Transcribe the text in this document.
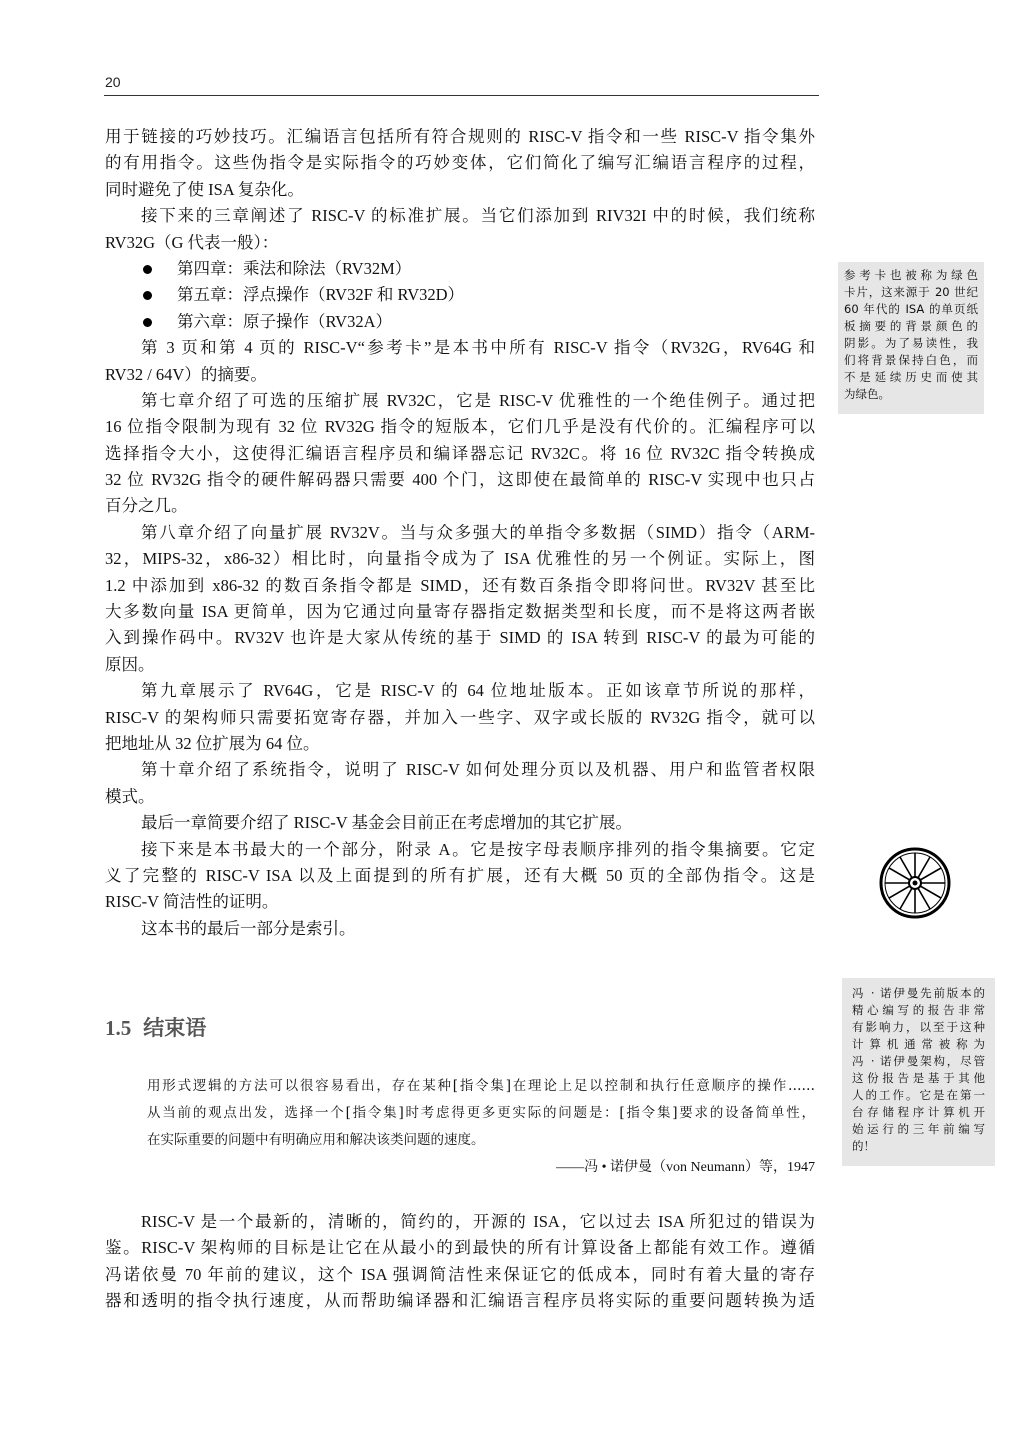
20
用于链接的巧妙技巧。汇编语言包括所有符合规则的 RISC-V 指令和一些 RISC-V 指令集外
的有用指令。这些伪指令是实际指令的巧妙变体，它们简化了编写汇编语言程序的过程，
同时避免了使 ISA 复杂化。
接下来的三章阐述了 RISC-V 的标准扩展。当它们添加到 RIV32I 中的时候，我们统称
RV32G（G 代表一般）：
第四章：乘法和除法（RV32M）
第五章：浮点操作（RV32F 和 RV32D）
第六章：原子操作（RV32A）
第 3 页和第 4 页的 RISC-V“参考卡”是本书中所有 RISC-V 指令（RV32G，RV64G 和
RV32 / 64V）的摘要。
第七章介绍了可选的压缩扩展 RV32C，它是 RISC-V 优雅性的一个绝佳例子。通过把
16 位指令限制为现有 32 位 RV32G 指令的短版本，它们几乎是没有代价的。汇编程序可以
选择指令大小，这使得汇编语言程序员和编译器忘记 RV32C。将 16 位 RV32C 指令转换成
32 位 RV32G 指令的硬件解码器只需要 400 个门，这即使在最简单的 RISC-V 实现中也只占
百分之几。
第八章介绍了向量扩展 RV32V。当与众多强大的单指令多数据（SIMD）指令（ARM-
32，MIPS-32，x86-32）相比时，向量指令成为了 ISA 优雅性的另一个例证。实际上，图
1.2 中添加到 x86-32 的数百条指令都是 SIMD，还有数百条指令即将问世。RV32V 甚至比
大多数向量 ISA 更简单，因为它通过向量寄存器指定数据类型和长度，而不是将这两者嵌
入到操作码中。RV32V 也许是大家从传统的基于 SIMD 的 ISA 转到 RISC-V 的最为可能的
原因。
第九章展示了 RV64G，它是 RISC-V 的 64 位地址版本。正如该章节所说的那样，
RISC-V 的架构师只需要拓宽寄存器，并加入一些字、双字或长版的 RV32G 指令，就可以
把地址从 32 位扩展为 64 位。
第十章介绍了系统指令，说明了 RISC-V 如何处理分页以及机器、用户和监管者权限
模式。
最后一章简要介绍了 RISC-V 基金会目前正在考虑增加的其它扩展。
接下来是本书最大的一个部分，附录 A。它是按字母表顺序排列的指令集摘要。它定
义了完整的 RISC-V ISA 以及上面提到的所有扩展，还有大概 50 页的全部伪指令。这是
RISC-V 简洁性的证明。
这本书的最后一部分是索引。
1.5 结束语
用形式逻辑的方法可以很容易看出，存在某种[指令集]在理论上足以控制和执行任意顺序的操作……
从当前的观点出发，选择一个[指令集]时考虑得更多更实际的问题是：[指令集]要求的设备简单性，
在实际重要的问题中有明确应用和解决该类问题的速度。
——冯 • 诺伊曼（von Neumann）等，1947
RISC-V 是一个最新的，清晰的，简约的，开源的 ISA，它以过去 ISA 所犯过的错误为
鉴。RISC-V 架构师的目标是让它在从最小的到最快的所有计算设备上都能有效工作。遵循
冯诺依曼 70 年前的建议，这个 ISA 强调简洁性来保证它的低成本，同时有着大量的寄存
器和透明的指令执行速度，从而帮助编译器和汇编语言程序员将实际的重要问题转换为适
参考卡也被称为绿色
卡片，这来源于 20 世纪
60 年代的 ISA 的单页纸
板摘要的背景颜色的
阴影。为了易读性，我
们将背景保持白色，而
不是延续历史而使其
为绿色。
冯 · 诺伊曼先前版本的
精心编写的报告非常
有影响力，以至于这种
计 算 机 通 常 被 称 为
冯 · 诺伊曼架构，尽管
这份报告是基于其他
人的工作。它是在第一
台存储程序计算机开
始运行的三年前编写
的！
